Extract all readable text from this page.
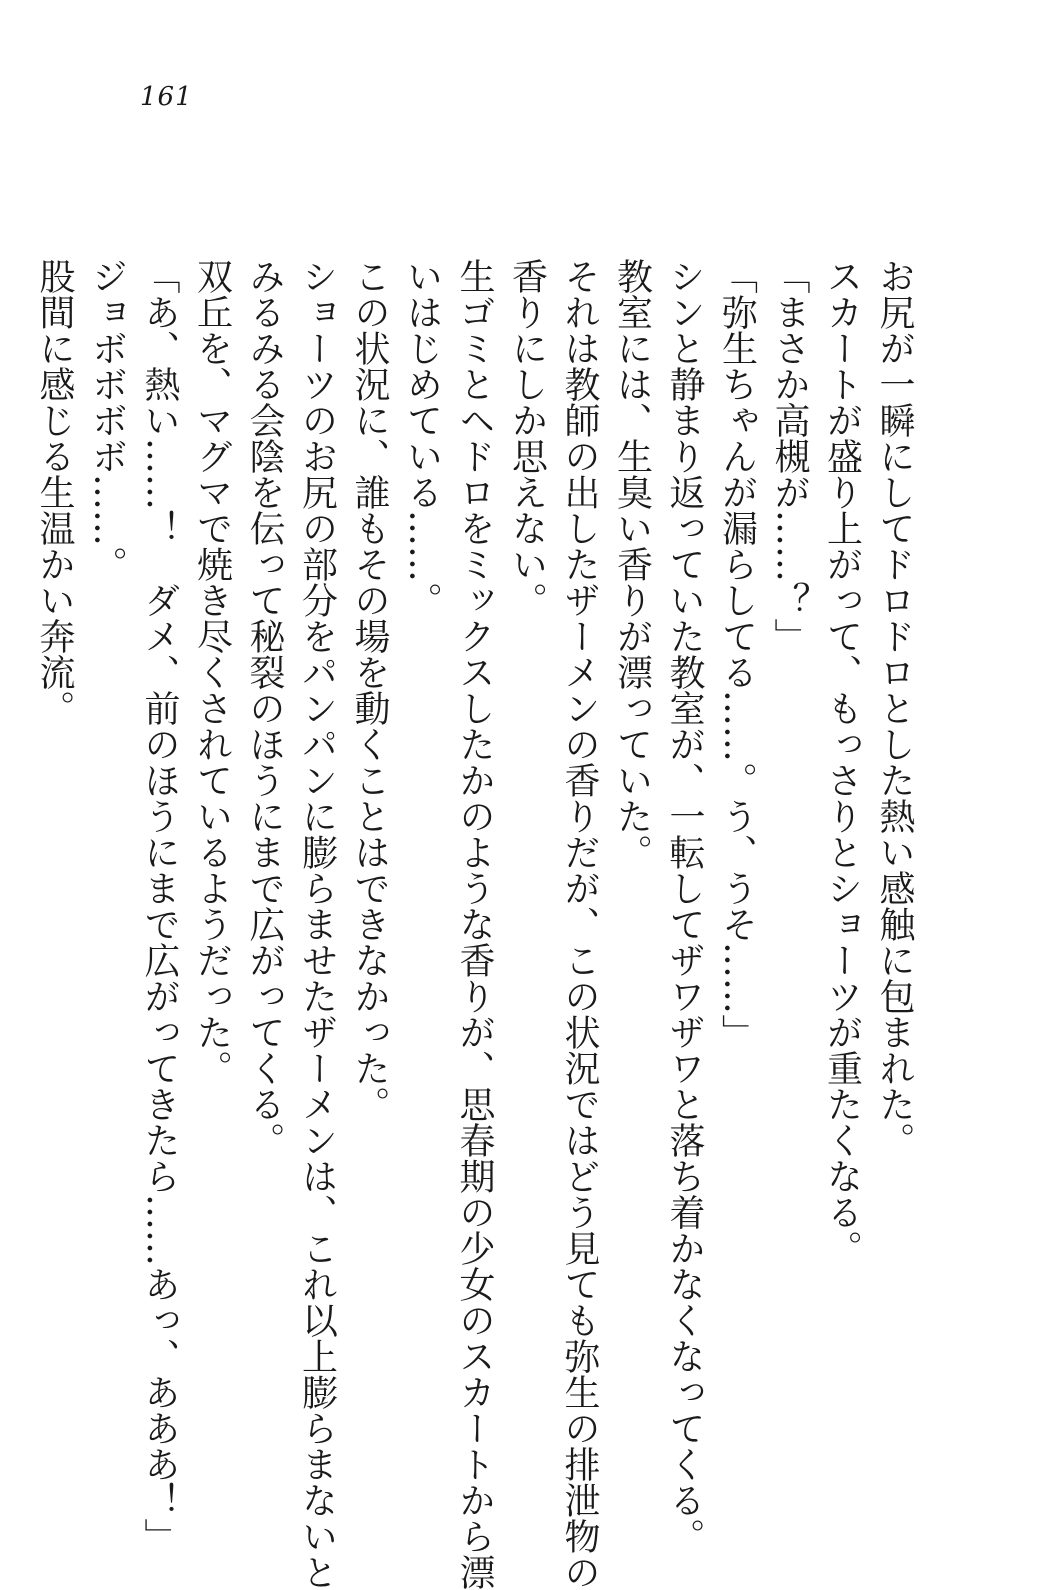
161

お尻が一瞬にしてドロドロとした熱い感触に包まれた。

スカートが盛り上がって、もっさりとショーツが重たくなる。

「まさか高槻が……？」

「弥生ちゃんが漏らしてる……。う、うそ……」

シンと静まり返っていた教室が、一転してザワザワと落ち着かなくなってくる。

教室には、生臭い香りが漂っていた。

それは教師の出したザーメンの香りだが、この状況ではどう見ても弥生の排泄物の

香りにしか思えない。

生ゴミとヘドロをミックスしたかのような香りが、思春期の少女のスカートから漂

いはじめている……。

この状況に、誰もその場を動くことはできなかった。

ショーツのお尻の部分をパンパンに膨らませたザーメンは、これ以上膨らまないと

みるみる会陰を伝って秘裂のほうにまで広がってくる。

双丘を、マグマで焼き尽くされているようだった。

「あ、熱い……！　ダメ、前のほうにまで広がってきたら……あっ、あああ！」

ジョボボボボ……。

股間に感じる生温かい奔流。
